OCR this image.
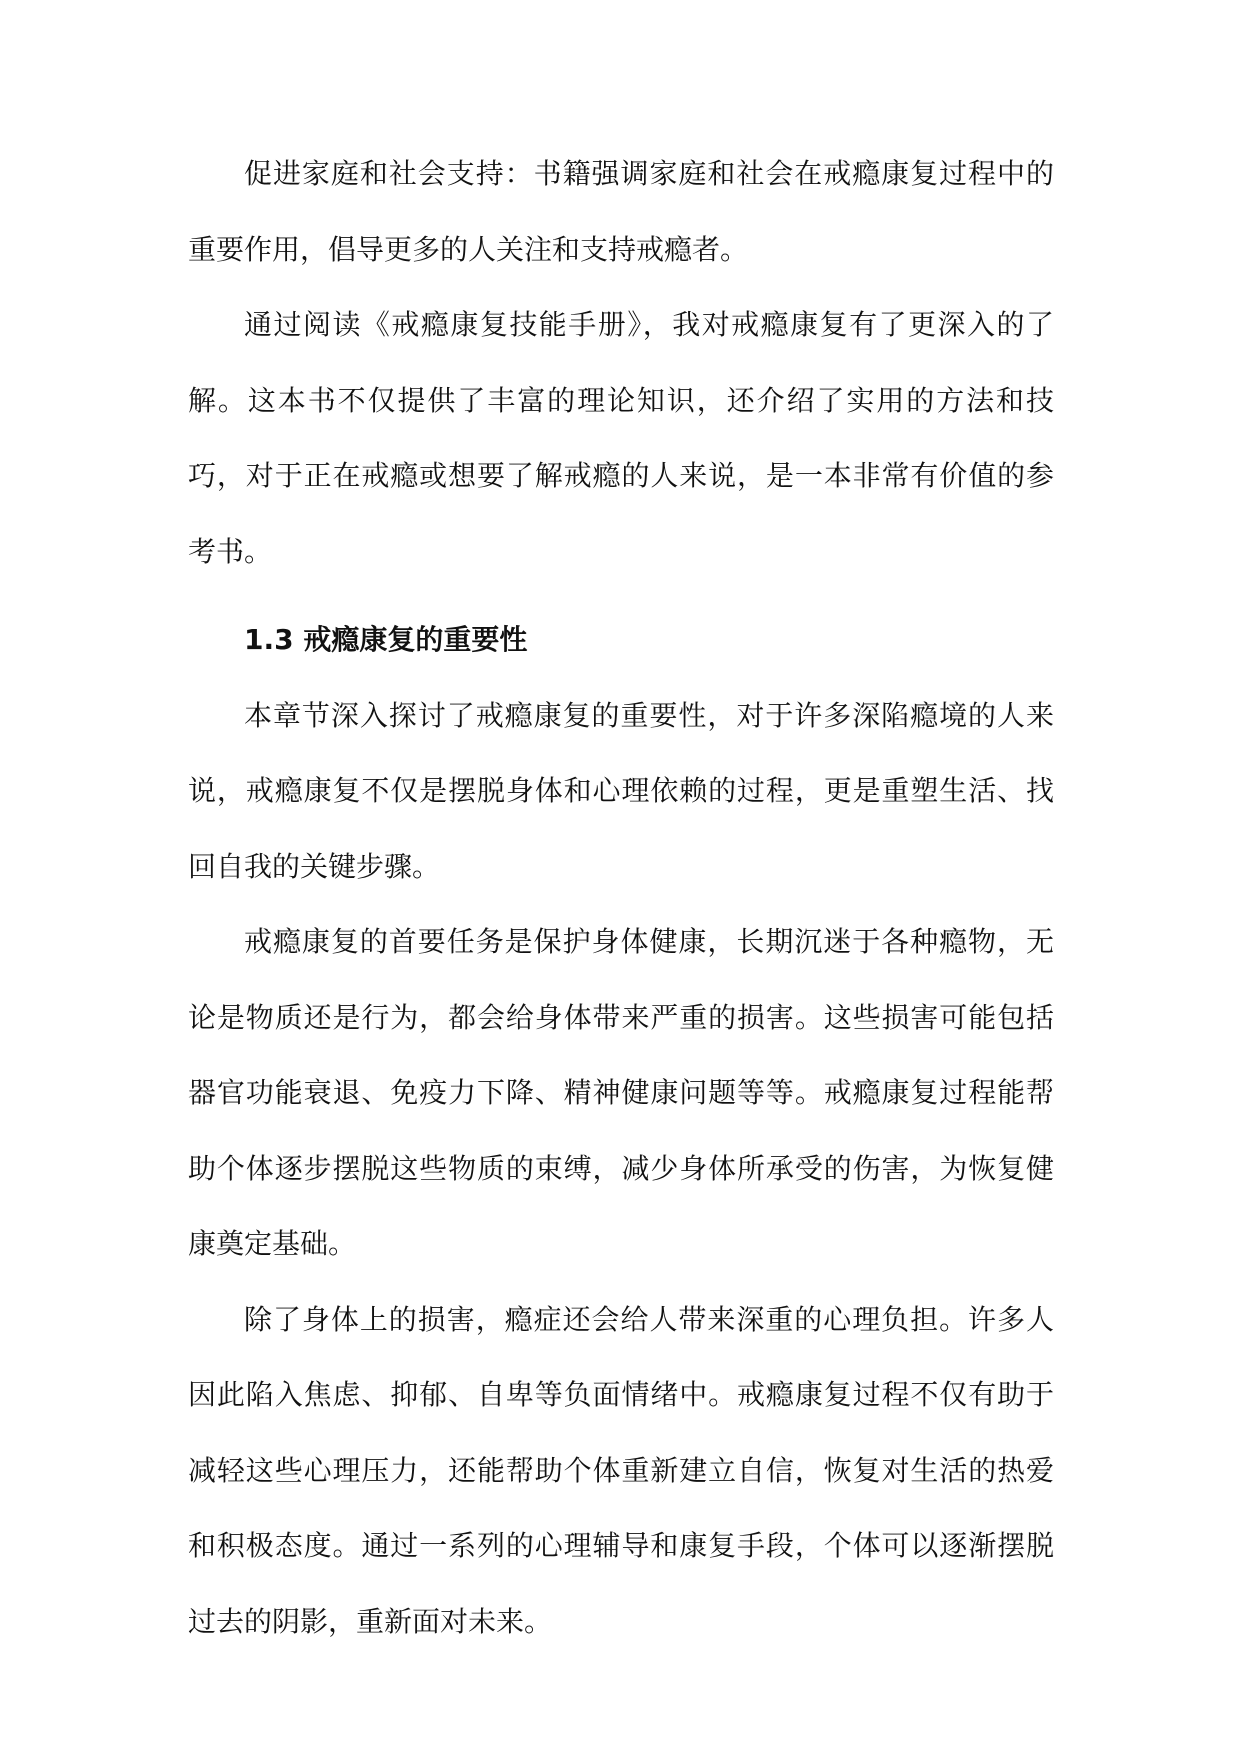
促进家庭和社会支持：书籍强调家庭和社会在戒瘾康复过程中的重要作用，倡导更多的人关注和支持戒瘾者。

通过阅读《戒瘾康复技能手册》，我对戒瘾康复有了更深入的了解。这本书不仅提供了丰富的理论知识，还介绍了实用的方法和技巧，对于正在戒瘾或想要了解戒瘾的人来说，是一本非常有价值的参考书。

1.3 戒瘾康复的重要性

本章节深入探讨了戒瘾康复的重要性，对于许多深陷瘾境的人来说，戒瘾康复不仅是摆脱身体和心理依赖的过程，更是重塑生活、找回自我的关键步骤。

戒瘾康复的首要任务是保护身体健康，长期沉迷于各种瘾物，无论是物质还是行为，都会给身体带来严重的损害。这些损害可能包括器官功能衰退、免疫力下降、精神健康问题等等。戒瘾康复过程能帮助个体逐步摆脱这些物质的束缚，减少身体所承受的伤害，为恢复健康奠定基础。

除了身体上的损害，瘾症还会给人带来深重的心理负担。许多人因此陷入焦虑、抑郁、自卑等负面情绪中。戒瘾康复过程不仅有助于减轻这些心理压力，还能帮助个体重新建立自信，恢复对生活的热爱和积极态度。通过一系列的心理辅导和康复手段，个体可以逐渐摆脱过去的阴影，重新面对未来。
